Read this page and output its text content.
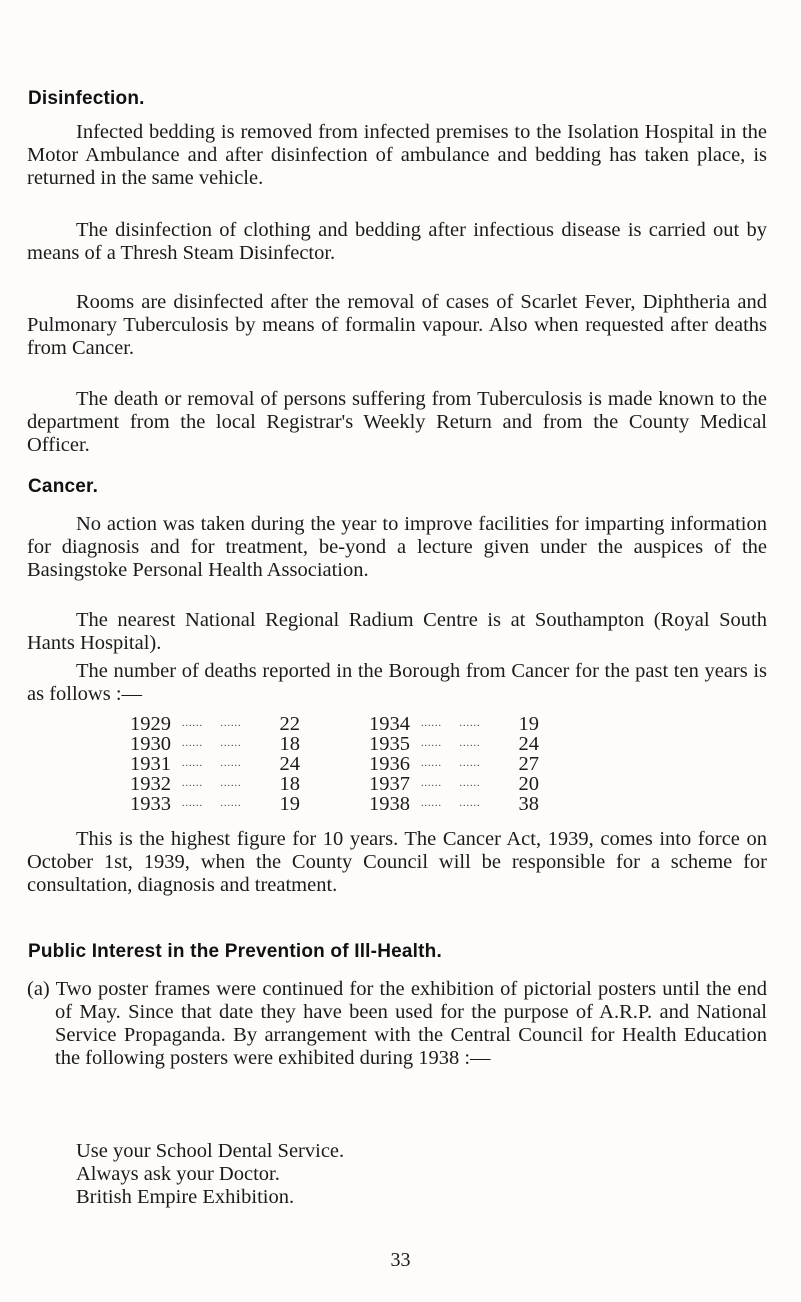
Disinfection.

Infected bedding is removed from infected premises to the Isolation Hospital in the Motor Ambulance and after disinfection of ambulance and bedding has taken place, is returned in the same vehicle.

The disinfection of clothing and bedding after infectious disease is carried out by means of a Thresh Steam Disinfector.

Rooms are disinfected after the removal of cases of Scarlet Fever, Diphtheria and Pulmonary Tuberculosis by means of formalin vapour. Also when requested after deaths from Cancer.

The death or removal of persons suffering from Tuberculosis is made known to the department from the local Registrar's Weekly Return and from the County Medical Officer.

Cancer.

No action was taken during the year to improve facilities for imparting information for diagnosis and for treatment, be-yond a lecture given under the auspices of the Basingstoke Personal Health Association.

The nearest National Regional Radium Centre is at Southampton (Royal South Hants Hospital).

The number of deaths reported in the Borough from Cancer for the past ten years is as follows :—

1929	...... ......	22		1934	...... ......	19
1930	...... ......	18		1935	...... ......	24
1931	...... ......	24		1936	...... ......	27
1932	...... ......	18		1937	...... ......	20
1933	...... ......	19		1938	...... ......	38

This is the highest figure for 10 years. The Cancer Act, 1939, comes into force on October 1st, 1939, when the County Council will be responsible for a scheme for consultation, diagnosis and treatment.

Public Interest in the Prevention of Ill-Health.

(a) Two poster frames were continued for the exhibition of pictorial posters until the end of May. Since that date they have been used for the purpose of A.R.P. and National Service Propaganda. By arrangement with the Central Council for Health Education the following posters were exhibited during 1938 :—

Use your School Dental Service.
Always ask your Doctor.
British Empire Exhibition.
33
